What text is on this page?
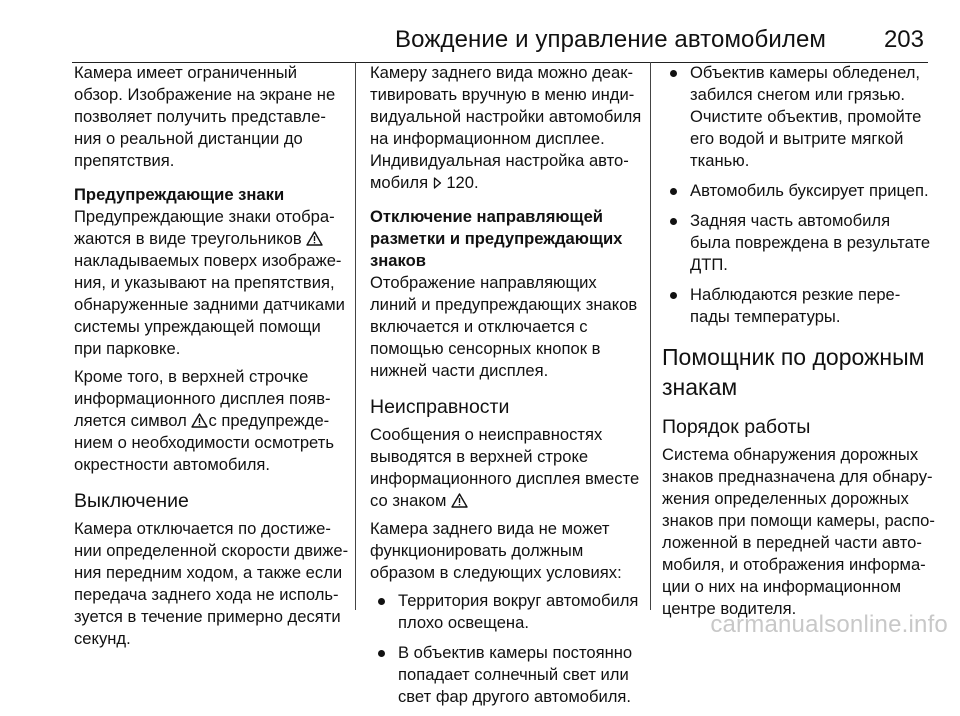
Вождение и управление автомобилем 203

Камера имеет ограниченный
обзор. Изображение на экране не
позволяет получить представле‐
ния о реальной дистанции до
препятствия.

Предупреждающие знаки

Предупреждающие знаки отобра‐
жаются в виде треугольников
накладываемых поверх изображе‐
ния, и указывают на препятствия,
обнаруженные задними датчиками
системы упреждающей помощи
при парковке.

Кроме того, в верхней строчке
информационного дисплея появ‐
ляется символ с предупрежде‐
нием о необходимости осмотреть
окрестности автомобиля.

Выключение

Камера отключается по достиже‐
нии определенной скорости движе‐
ния передним ходом, а также если
передача заднего хода не исполь‐
зуется в течение примерно десяти
секунд.

Камеру заднего вида можно деак‐
тивировать вручную в меню инди‐
видуальной настройки автомобиля
на информационном дисплее.
Индивидуальная настройка авто‐
мобиля 120.

Отключение направляющей
разметки и предупреждающих
знаков

Отображение направляющих
линий и предупреждающих знаков
включается и отключается с
помощью сенсорных кнопок в
нижней части дисплея.

Неисправности

Сообщения о неисправностях
выводятся в верхней строке
информационного дисплея вместе
со знаком

Камера заднего вида не может
функционировать должным
образом в следующих условиях:

Территория вокруг автомобиля
плохо освещена.
В объектив камеры постоянно
попадает солнечный свет или
свет фар другого автомобиля.
Объектив камеры обледенел,
забился снегом или грязью.
Очистите объектив, промойте
его водой и вытрите мягкой
тканью.
Автомобиль буксирует прицеп.
Задняя часть автомобиля
была повреждена в результате
ДТП.
Наблюдаются резкие пере‐
пады температуры.

Помощник по дорожным
знакам

Порядок работы

Система обнаружения дорожных
знаков предназначена для обнару‐
жения определенных дорожных
знаков при помощи камеры, распо‐
ложенной в передней части авто‐
мобиля, и отображения информа‐
ции о них на информационном
центре водителя.

carmanualsonline.info
